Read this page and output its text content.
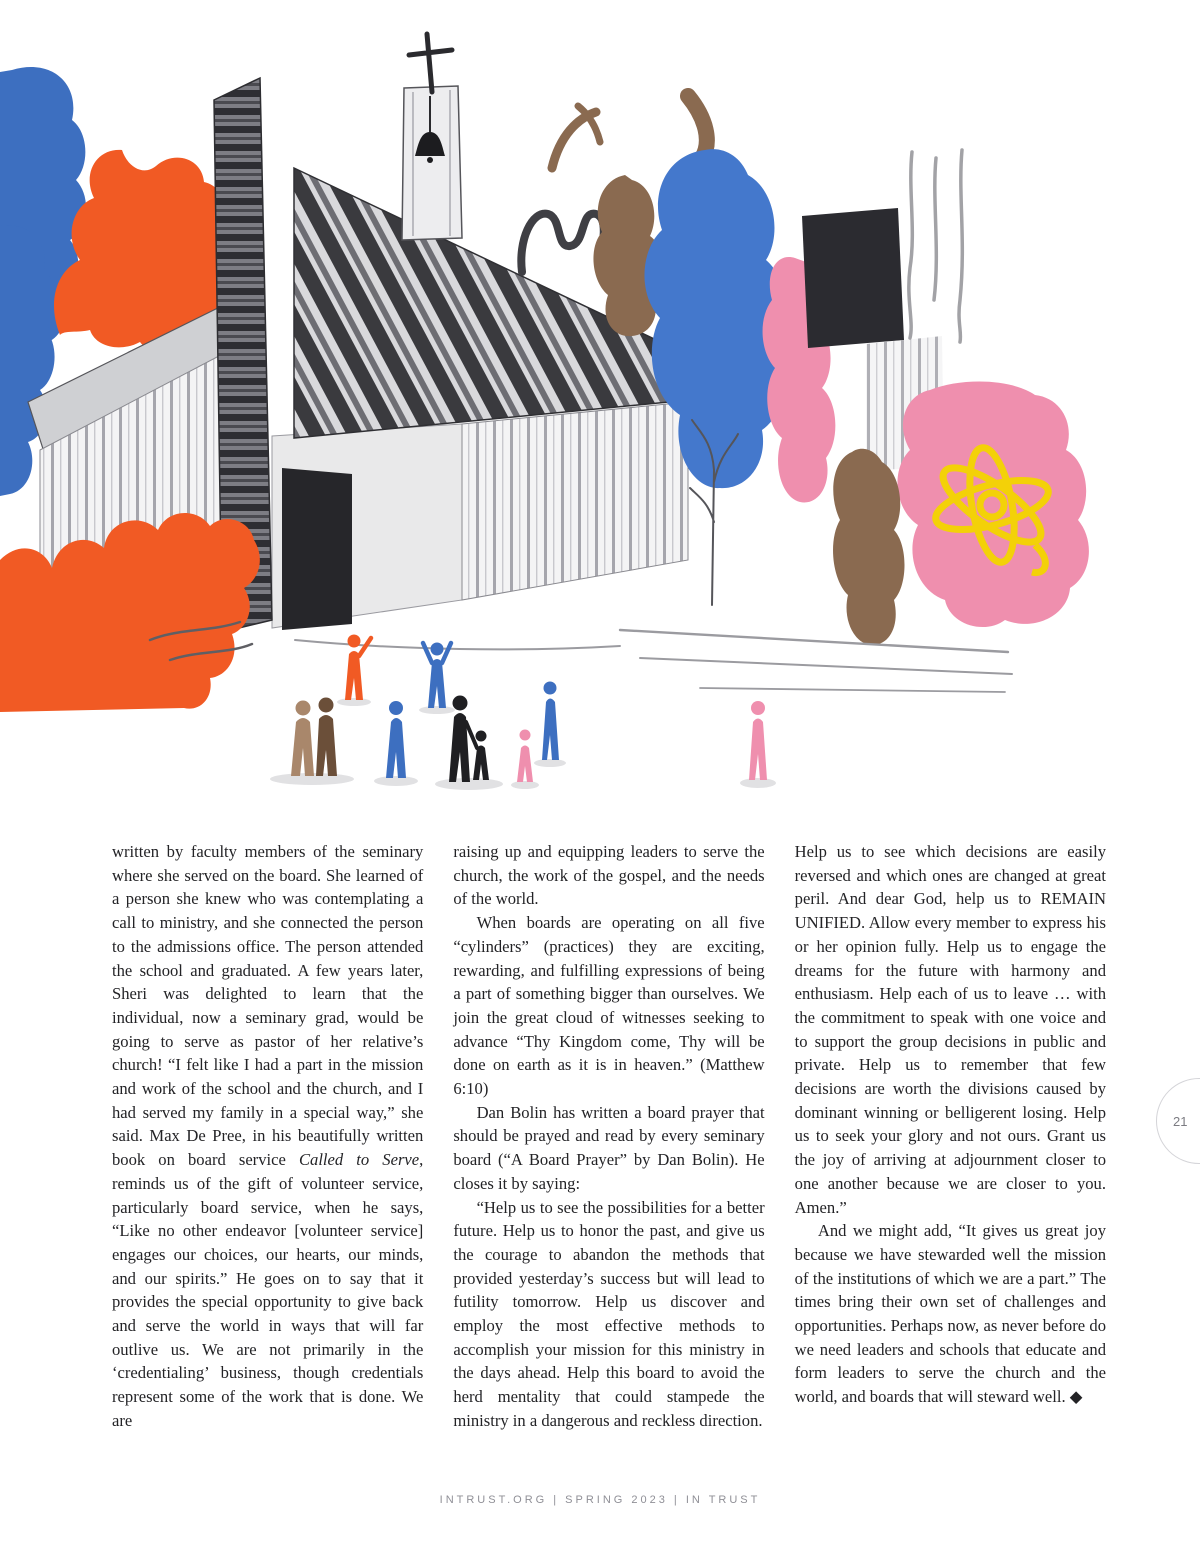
written by faculty members of the seminary where she served on the board. She learned of a person she knew who was contemplating a call to ministry, and she connected the person to the admissions office. The person attended the school and graduated. A few years later, Sheri was delighted to learn that the individual, now a seminary grad, would be going to serve as pastor of her relative’s church! “I felt like I had a part in the mission and work of the school and the church, and I had served my family in a special way,” she said. Max De Pree, in his beautifully written book on board service Called to Serve, reminds us of the gift of volunteer service, particularly board service, when he says, “Like no other endeavor [volunteer service] engages our choices, our hearts, our minds, and our spirits.” He goes on to say that it provides the special opportunity to give back and serve the world in ways that will far outlive us. We are not primarily in the ‘credentialing’ business, though credentials represent some of the work that is done. We are

raising up and equipping leaders to serve the church, the work of the gospel, and the needs of the world.

When boards are operating on all five “cylinders” (practices) they are exciting, rewarding, and fulfilling expressions of being a part of something bigger than ourselves. We join the great cloud of witnesses seeking to advance “Thy Kingdom come, Thy will be done on earth as it is in heaven.” (Matthew 6:10)

Dan Bolin has written a board prayer that should be prayed and read by every seminary board (“A Board Prayer” by Dan Bolin). He closes it by saying:

“Help us to see the possibilities for a better future. Help us to honor the past, and give us the courage to abandon the methods that provided yesterday’s success but will lead to futility tomorrow. Help us discover and employ the most effective methods to accomplish your mission for this ministry in the days ahead. Help this board to avoid the herd mentality that could stampede the ministry in a dangerous and reckless direction.

Help us to see which decisions are easily reversed and which ones are changed at great peril. And dear God, help us to REMAIN UNIFIED. Allow every member to express his or her opinion fully. Help us to engage the dreams for the future with harmony and enthusiasm. Help each of us to leave … with the commitment to speak with one voice and to support the group decisions in public and private. Help us to remember that few decisions are worth the divisions caused by dominant winning or belligerent losing. Help us to seek your glory and not ours. Grant us the joy of arriving at adjournment closer to one another because we are closer to you. Amen.”

And we might add, “It gives us great joy because we have stewarded well the mission of the institutions of which we are a part.” The times bring their own set of challenges and opportunities. Perhaps now, as never before do we need leaders and schools that educate and form leaders to serve the church and the world, and boards that will steward well. ◆

INTRUST.ORG | SPRING 2023 | IN TRUST
21
